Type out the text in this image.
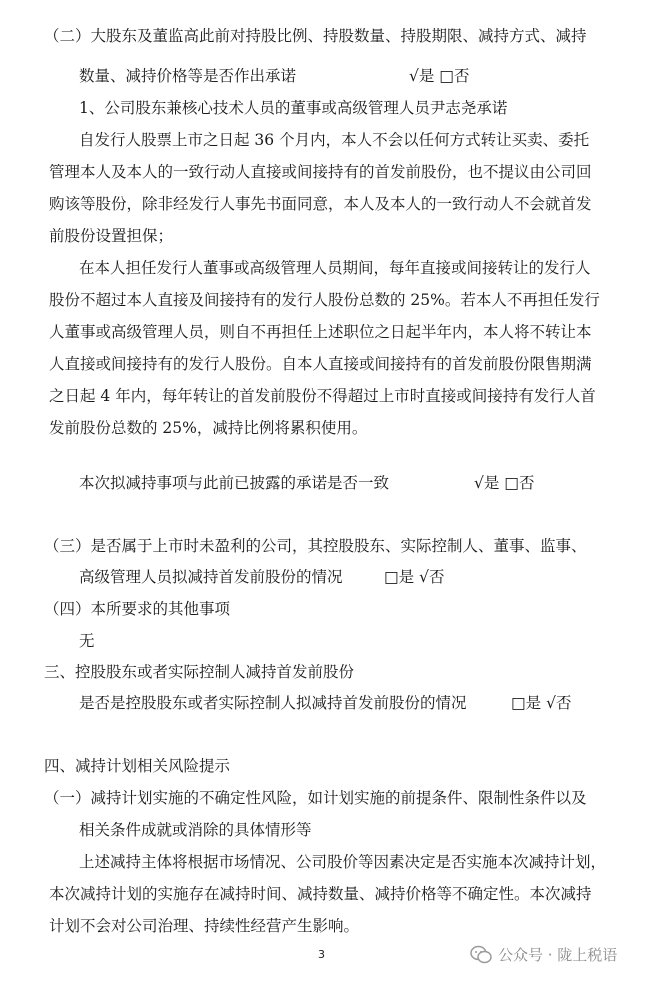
（二）大股东及董监高此前对持股比例、持股数量、持股期限、减持方式、减持
数量、减持价格等是否作出承诺	√是 □否
1、公司股东兼核心技术人员的董事或高级管理人员尹志尧承诺
自发行人股票上市之日起 36 个月内，本人不会以任何方式转让买卖、委托
管理本人及本人的一致行动人直接或间接持有的首发前股份，也不提议由公司回
购该等股份，除非经发行人事先书面同意，本人及本人的一致行动人不会就首发
前股份设置担保；
在本人担任发行人董事或高级管理人员期间，每年直接或间接转让的发行人
股份不超过本人直接及间接持有的发行人股份总数的 25%。若本人不再担任发行
人董事或高级管理人员，则自不再担任上述职位之日起半年内，本人将不转让本
人直接或间接持有的发行人股份。自本人直接或间接持有的首发前股份限售期满
之日起 4 年内，每年转让的首发前股份不得超过上市时直接或间接持有发行人首
发前股份总数的 25%，减持比例将累积使用。
本次拟减持事项与此前已披露的承诺是否一致	√是 □否
（三）是否属于上市时未盈利的公司，其控股股东、实际控制人、董事、监事、
高级管理人员拟减持首发前股份的情况	□是 √否
（四）本所要求的其他事项
无
三、控股股东或者实际控制人减持首发前股份
是否是控股股东或者实际控制人拟减持首发前股份的情况	□是 √否
四、减持计划相关风险提示
（一）减持计划实施的不确定性风险，如计划实施的前提条件、限制性条件以及
相关条件成就或消除的具体情形等
上述减持主体将根据市场情况、公司股价等因素决定是否实施本次减持计划，
本次减持计划的实施存在减持时间、减持数量、减持价格等不确定性。本次减持
计划不会对公司治理、持续性经营产生影响。
3	公众号 · 陇上税语
